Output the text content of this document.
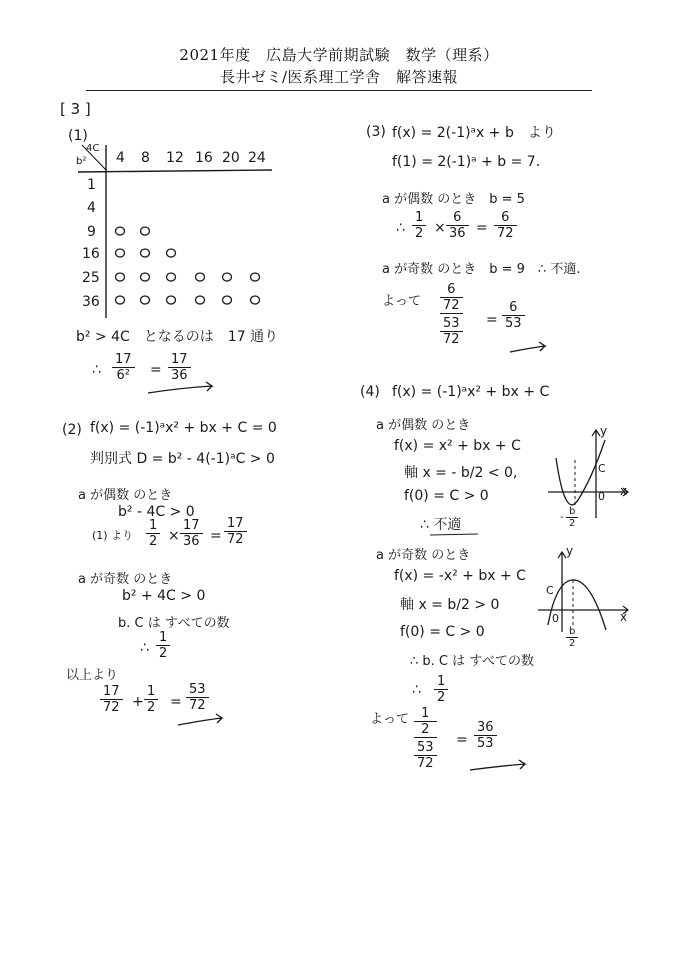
2021年度　広島大学前期試験　数学（理系）
長井ゼミ/医系理工学舎　解答速報
[ 3 ]
(1)
4C
b² 4 8 12 16 20 24
1
4
9
16
25
36
b² > 4C　となるのは　17 通り
∴ $\frac{17}{\text{6²}} = \frac{17}{36}$
(2) f(x) = (-1)ᵃx² + bx + C = 0
判別式 D = b² - 4(-1)ᵃC > 0
a が偶数 のとき
b² - 4C > 0
(1) より $\frac{1}{2} \times \frac{17}{36} = \frac{17}{72}$
a が奇数 のとき
b² + 4C > 0
b. C は すべての数
∴ $\frac{1}{2}$
以上より
$\frac{17}{72} + \frac{1}{2} = \frac{53}{72}$
(3) f(x) = 2(-1)ᵃx + b　より
f(1) = 2(-1)ᵃ + b = 7.
a が偶数 のとき　b = 5
∴ $\frac{1}{2} \times \frac{6}{36} = \frac{6}{72}$
a が奇数 のとき　b = 9　∴ 不適.
よって
6
72
53
72
= $\frac{6}{53}$
(4) f(x) = (-1)ᵃx² + bx + C
a が偶数 のとき
f(x) = x² + bx + C
軸 x = - b/2 < 0,
f(0) = C > 0
∴ 不適
a が奇数 のとき
f(x) = -x² + bx + C
軸 x = b/2 > 0
f(0) = C > 0
∴ b. C は すべての数
∴ $\frac{1}{2}$
よって 1
2
53
72
= $\frac{36}{53}$
y
x
0
C
- $\frac{b}{2}$
y
x
0
C
$\frac{b}{2}$
